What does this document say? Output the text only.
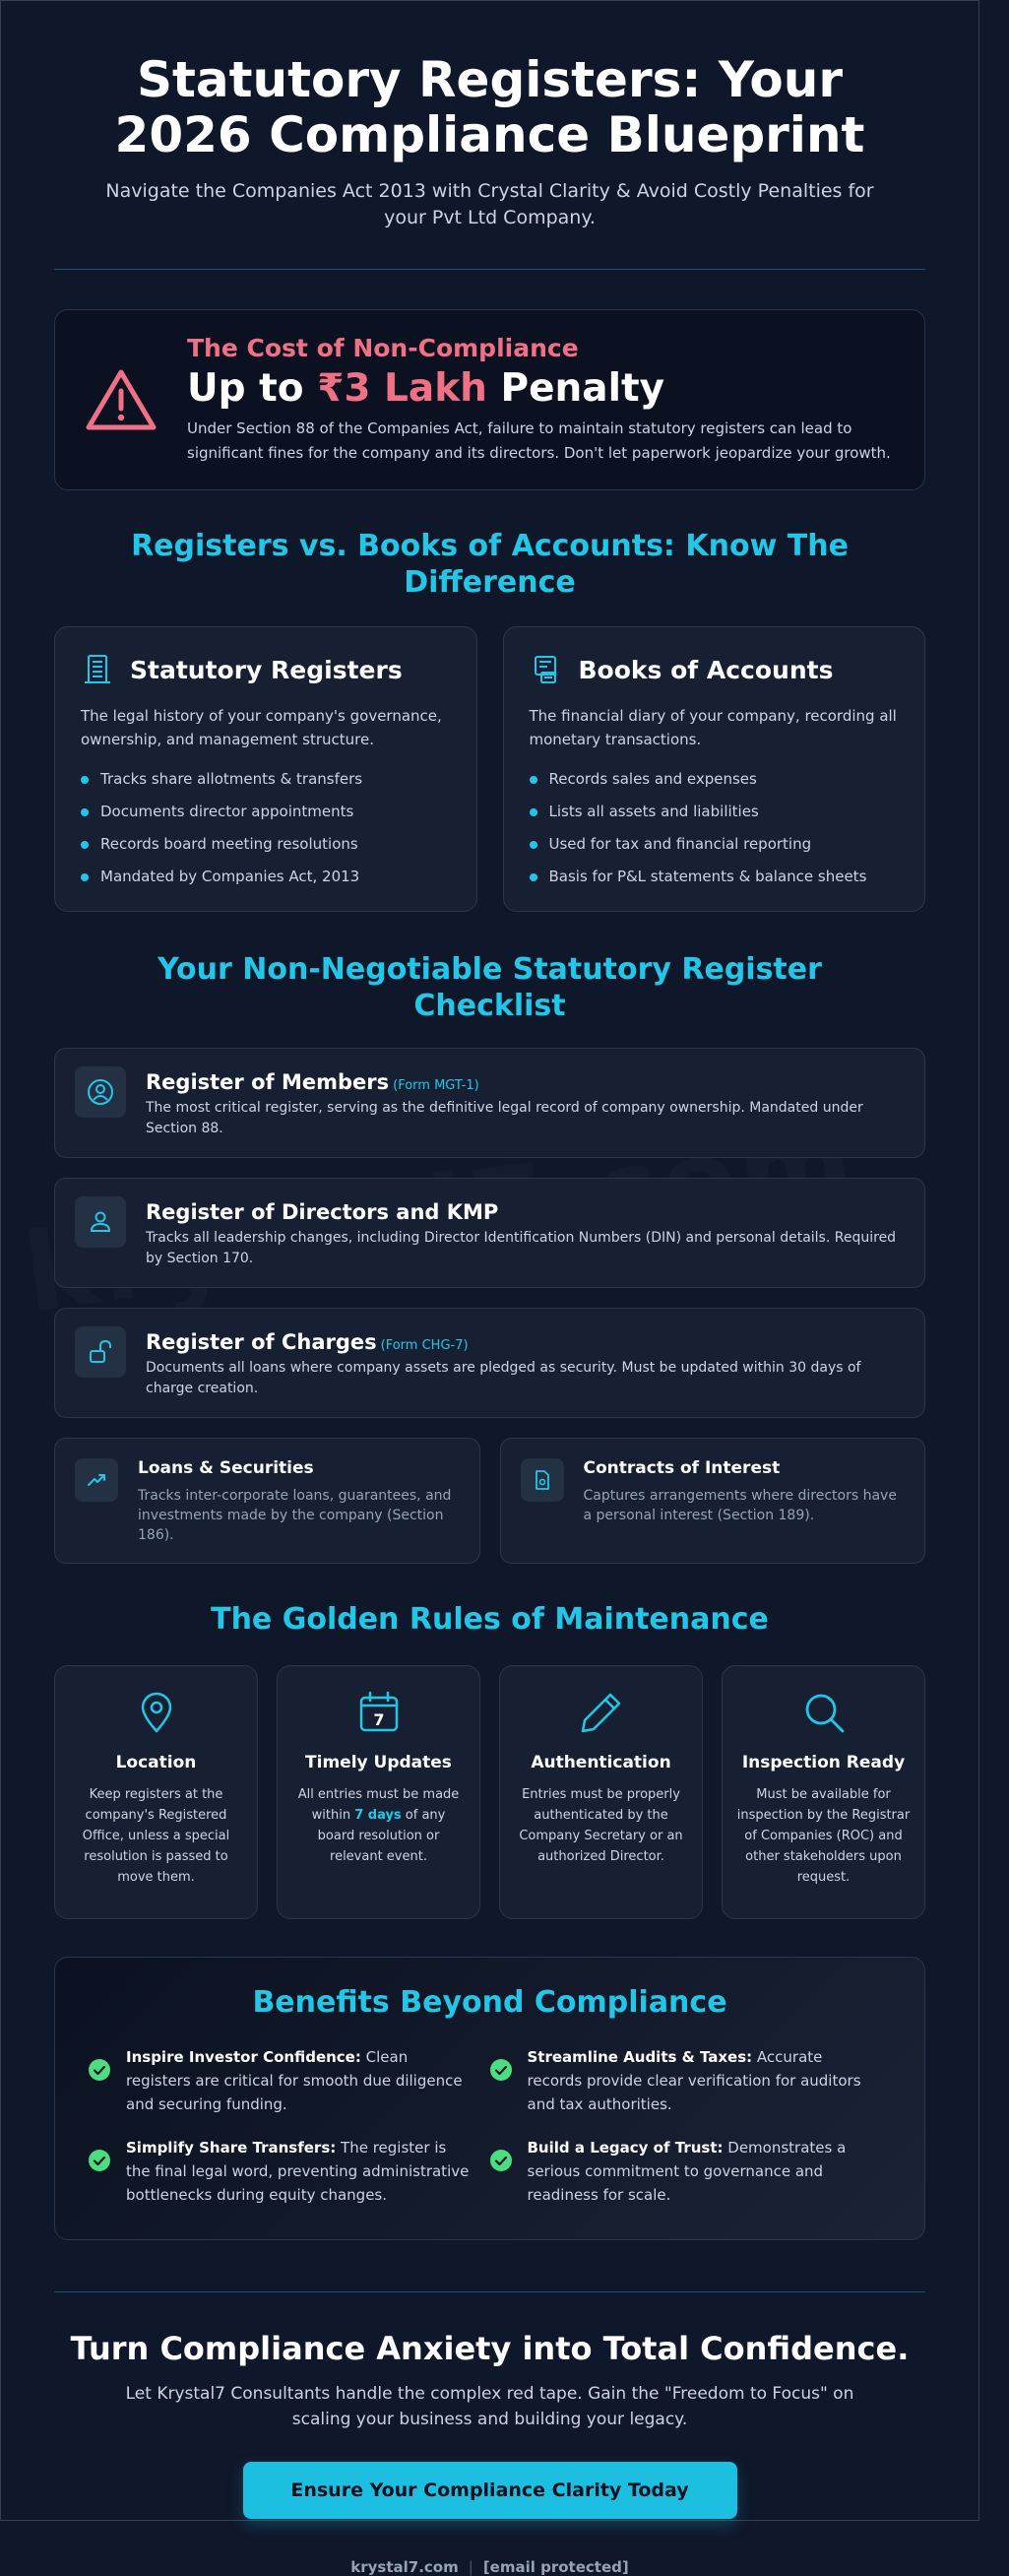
Statutory Registers: Your 2026 Compliance Blueprint

Navigate the Companies Act 2013 with Crystal Clarity & Avoid Costly Penalties for your Pvt Ltd Company.

The Cost of Non-Compliance
Up to ₹3 Lakh Penalty
Under Section 88 of the Companies Act, failure to maintain statutory registers can lead to significant fines for the company and its directors. Don't let paperwork jeopardize your growth.
Registers vs. Books of Accounts: Know The Difference
Statutory Registers

The legal history of your company's governance, ownership, and management structure.

Tracks share allotments & transfers
Documents director appointments
Records board meeting resolutions
Mandated by Companies Act, 2013
Books of Accounts

The financial diary of your company, recording all monetary transactions.

Records sales and expenses
Lists all assets and liabilities
Used for tax and financial reporting
Basis for P&L statements & balance sheets
Your Non-Negotiable Statutory Register Checklist
Register of Members (Form MGT-1)
The most critical register, serving as the definitive legal record of company ownership. Mandated under Section 88.
Register of Directors and KMP
Tracks all leadership changes, including Director Identification Numbers (DIN) and personal details. Required by Section 170.
Register of Charges (Form CHG-7)
Documents all loans where company assets are pledged as security. Must be updated within 30 days of charge creation.
Loans & Securities
Tracks inter-corporate loans, guarantees, and investments made by the company (Section 186).
Contracts of Interest
Captures arrangements where directors have a personal interest (Section 189).
The Golden Rules of Maintenance
Location
Keep registers at the company's Registered Office, unless a special resolution is passed to move them.
7
Timely Updates
All entries must be made within 7 days of any board resolution or relevant event.
Authentication
Entries must be properly authenticated by the Company Secretary or an authorized Director.
Inspection Ready
Must be available for inspection by the Registrar of Companies (ROC) and other stakeholders upon request.
Benefits Beyond Compliance
Inspire Investor Confidence: Clean registers are critical for smooth due diligence and securing funding.
Streamline Audits & Taxes: Accurate records provide clear verification for auditors and tax authorities.
Simplify Share Transfers: The register is the final legal word, preventing administrative bottlenecks during equity changes.
Build a Legacy of Trust: Demonstrates a serious commitment to governance and readiness for scale.
Turn Compliance Anxiety into Total Confidence.

Let Krystal7 Consultants handle the complex red tape. Gain the "Freedom to Focus" on scaling your business and building your legacy.

Ensure Your Compliance Clarity Today
krystal7.com | [email protected]
